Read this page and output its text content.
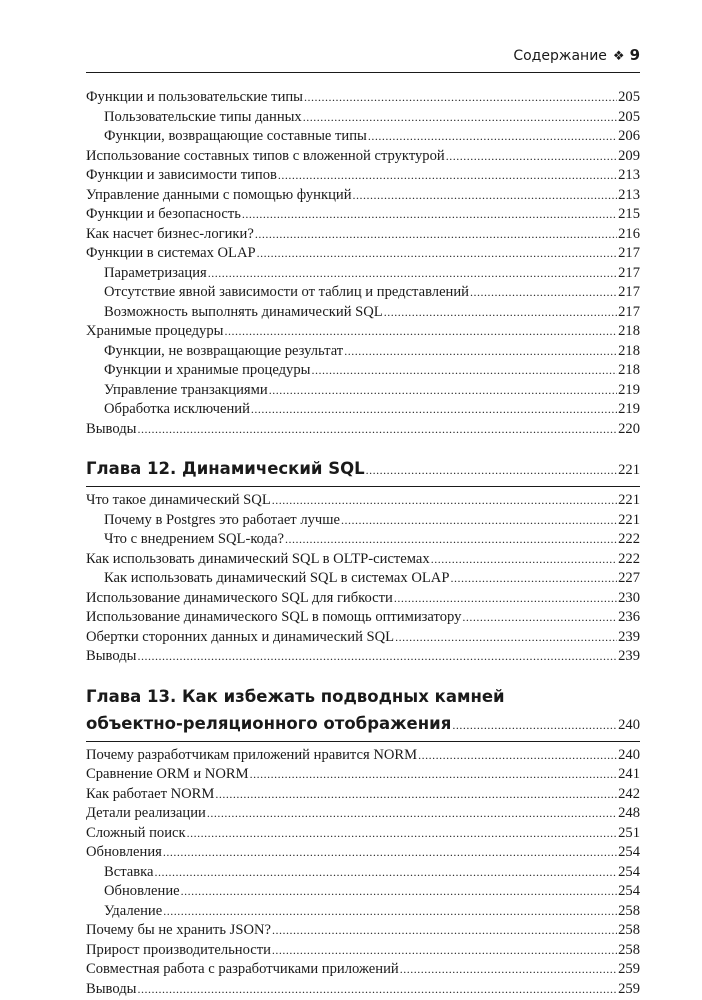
Содержание ❖ 9
Функции и пользовательские типы .....	205
Пользовательские типы данных .....	205
Функции, возвращающие составные типы .....	206
Использование составных типов с вложенной структурой .....	209
Функции и зависимости типов .....	213
Управление данными с помощью функций .....	213
Функции и безопасность .....	215
Как насчет бизнес-логики? .....	216
Функции в системах OLAP .....	217
Параметризация .....	217
Отсутствие явной зависимости от таблиц и представлений .....	217
Возможность выполнять динамический SQL .....	217
Хранимые процедуры .....	218
Функции, не возвращающие результат .....	218
Функции и хранимые процедуры .....	218
Управление транзакциями .....	219
Обработка исключений .....	219
Выводы .....	220
Глава 12. Динамический SQL .....	221
Что такое динамический SQL .....	221
Почему в Postgres это работает лучше .....	221
Что с внедрением SQL-кода? .....	222
Как использовать динамический SQL в OLTP-системах .....	222
Как использовать динамический SQL в системах OLAP .....	227
Использование динамического SQL для гибкости .....	230
Использование динамического SQL в помощь оптимизатору .....	236
Обертки сторонних данных и динамический SQL .....	239
Выводы .....	239
Глава 13. Как избежать подводных камней
объектно-реляционного отображения .....	240
Почему разработчикам приложений нравится NORM .....	240
Сравнение ORM и NORM .....	241
Как работает NORM .....	242
Детали реализации .....	248
Сложный поиск .....	251
Обновления .....	254
Вставка .....	254
Обновление .....	254
Удаление .....	258
Почему бы не хранить JSON? .....	258
Прирост производительности .....	258
Совместная работа с разработчиками приложений .....	259
Выводы .....	259
